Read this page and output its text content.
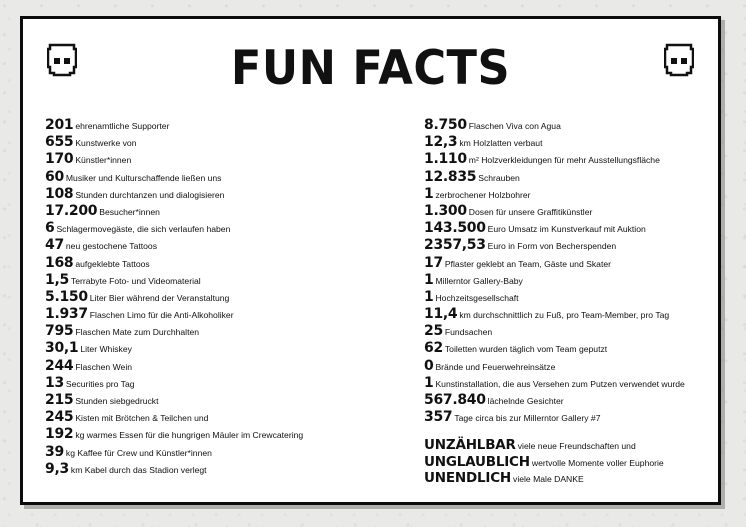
FUN FACTS
201 ehrenamtliche Supporter
655 Kunstwerke von
170 Künstler*innen
60 Musiker und Kulturschaffende ließen uns
108 Stunden durchtanzen und dialogisieren
17.200 Besucher*innen
6 Schlagermovegäste, die sich verlaufen haben
47 neu gestochene Tattoos
168 aufgeklebte Tattoos
1,5 Terrabyte Foto- und Videomaterial
5.150 Liter Bier während der Veranstaltung
1.937 Flaschen Limo für die Anti-Alkoholiker
795 Flaschen Mate zum Durchhalten
30,1 Liter Whiskey
244 Flaschen Wein
13 Securities pro Tag
215 Stunden siebgedruckt
245 Kisten mit Brötchen & Teilchen und
192 kg warmes Essen für die hungrigen Mäuler im Crewcatering
39 kg Kaffee für Crew und Künstler*innen
9,3 km Kabel durch das Stadion verlegt
8.750 Flaschen Viva con Agua
12,3 km Holzlatten verbaut
1.110 m² Holzverkleidungen für mehr Ausstellungsfläche
12.835 Schrauben
1 zerbrochener Holzbohrer
1.300 Dosen für unsere Graffitikünstler
143.500 Euro Umsatz im Kunstverkauf mit Auktion
2357,53 Euro in Form von Becherspenden
17 Pflaster geklebt an Team, Gäste und Skater
1 Millerntor Gallery-Baby
1 Hochzeitsgesellschaft
11,4 km durchschnittlich zu Fuß, pro Team-Member, pro Tag
25 Fundsachen
62 Toiletten wurden täglich vom Team geputzt
0 Brände und Feuerwehreinsätze
1 Kunstinstallation, die aus Versehen zum Putzen verwendet wurde
567.840 lächelnde Gesichter
357 Tage circa bis zur Millerntor Gallery #7
UNZÄHLBAR viele neue Freundschaften und
UNGLAUBLICH wertvolle Momente voller Euphorie
UNENDLICH viele Male DANKE
